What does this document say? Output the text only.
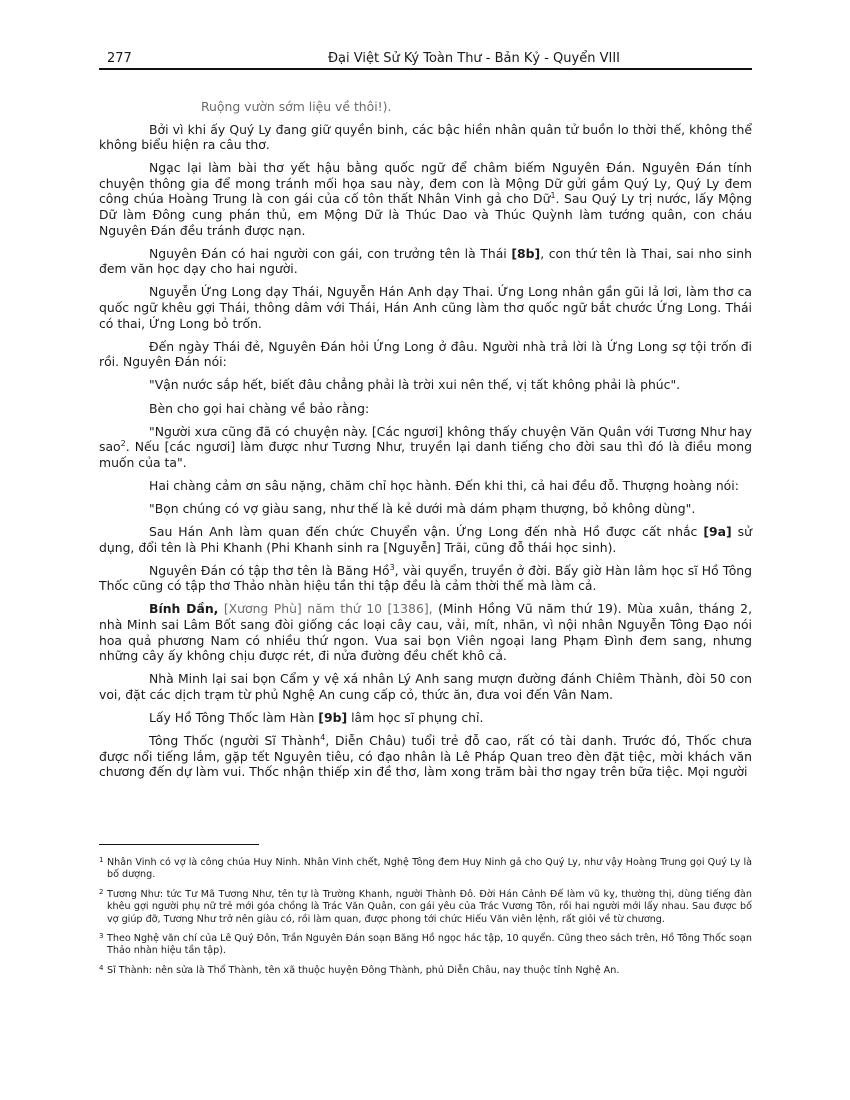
277	Đại Việt Sử Ký Toàn Thư - Bản Kỷ - Quyển VIII

Ruộng vườn sớm liệu về thôi!).

Bởi vì khi ấy Quý Ly đang giữ quyền binh, các bậc hiền nhân quân tử buồn lo thời thế, không thể không biểu hiện ra câu thơ.

Ngạc lại làm bài thơ yết hậu bằng quốc ngữ để châm biếm Nguyên Đán. Nguyên Đán tính chuyện thông gia để mong tránh mối họa sau này, đem con là Mộng Dữ gửi gắm Quý Ly, Quý Ly đem công chúa Hoàng Trung là con gái của cố tôn thất Nhân Vinh gả cho Dữ$^1$. Sau Quý Ly trị nước, lấy Mộng Dữ làm Đông cung phán thủ, em Mộng Dữ là Thúc Dao và Thúc Quỳnh làm tướng quân, con cháu Nguyên Đán đều tránh được nạn.

Nguyên Đán có hai người con gái, con trưởng tên là Thái [8b], con thứ tên là Thai, sai nho sinh đem văn học dạy cho hai người.

Nguyễn Ứng Long dạy Thái, Nguyễn Hán Anh dạy Thai. Ứng Long nhân gần gũi lả lơi, làm thơ ca quốc ngữ khêu gợi Thái, thông dâm với Thái, Hán Anh cũng làm thơ quốc ngữ bắt chước Ứng Long. Thái có thai, Ứng Long bỏ trốn.

Đến ngày Thái đẻ, Nguyên Đán hỏi Ứng Long ở đâu. Người nhà trả lời là Ứng Long sợ tội trốn đi rồi. Nguyên Đán nói:

"Vận nước sắp hết, biết đâu chẳng phải là trời xui nên thế, vị tất không phải là phúc".

Bèn cho gọi hai chàng về bảo rằng:

"Người xưa cũng đã có chuyện này. [Các ngươi] không thấy chuyện Văn Quân với Tương Như hay sao$^2$. Nếu [các ngươi] làm được như Tương Như, truyền lại danh tiếng cho đời sau thì đó là điều mong muốn của ta".

Hai chàng cảm ơn sâu nặng, chăm chỉ học hành. Đến khi thi, cả hai đều đỗ. Thượng hoàng nói:

"Bọn chúng có vợ giàu sang, như thế là kẻ dưới mà dám phạm thượng, bỏ không dùng".

Sau Hán Anh làm quan đến chức Chuyển vận. Ứng Long đến nhà Hồ được cất nhắc [9a] sử dụng, đổi tên là Phi Khanh (Phi Khanh sinh ra [Nguyễn] Trãi, cũng đỗ thái học sinh).

Nguyên Đán có tập thơ tên là Băng Hồ$^3$, vài quyển, truyền ở đời. Bấy giờ Hàn lâm học sĩ Hồ Tông Thốc cũng có tập thơ Thảo nhàn hiệu tần thi tập đều là cảm thời thế mà làm cả.

Bính Dần, [Xương Phù] năm thứ 10 [1386], (Minh Hồng Vũ năm thứ 19). Mùa xuân, tháng 2, nhà Minh sai Lâm Bốt sang đòi giống các loại cây cau, vải, mít, nhãn, vì nội nhân Nguyễn Tông Đạo nói hoa quả phương Nam có nhiều thứ ngon. Vua sai bọn Viên ngoại lang Phạm Đình đem sang, nhưng những cây ấy không chịu được rét, đi nửa đường đều chết khô cả.

Nhà Minh lại sai bọn Cẩm y vệ xá nhân Lý Anh sang mượn đường đánh Chiêm Thành, đòi 50 con voi, đặt các dịch trạm từ phủ Nghệ An cung cấp cỏ, thức ăn, đưa voi đến Vân Nam.

Lấy Hồ Tông Thốc làm Hàn [9b] lâm học sĩ phụng chỉ.

Tông Thốc (người Sĩ Thành$^4$, Diễn Châu) tuổi trẻ đỗ cao, rất có tài danh. Trước đó, Thốc chưa được nổi tiếng lắm, gặp tết Nguyên tiêu, có đạo nhân là Lê Pháp Quan treo đèn đặt tiệc, mời khách văn chương đến dự làm vui. Thốc nhận thiếp xin đề thơ, làm xong trăm bài thơ ngay trên bữa tiệc. Mọi người

1 Nhân Vinh có vợ là công chúa Huy Ninh. Nhân Vinh chết, Nghệ Tông đem Huy Ninh gả cho Quý Ly, như vậy Hoàng Trung gọi Quý Ly là bố dượng.
2 Tương Như: tức Tư Mã Tương Như, tên tự là Trường Khanh, người Thành Đô. Đời Hán Cảnh Đế làm vũ kỵ, thường thị, dùng tiếng đàn khêu gợi người phụ nữ trẻ mới góa chồng là Trác Văn Quân, con gái yêu của Trác Vương Tôn, rồi hai người mới lấy nhau. Sau được bố vợ giúp đỡ, Tương Như trở nên giàu có, rồi làm quan, được phong tới chức Hiếu Văn viên lệnh, rất giỏi về từ chương.
3 Theo Nghệ văn chí của Lê Quý Đôn, Trần Nguyên Đán soạn Băng Hồ ngọc hác tập, 10 quyển. Cũng theo sách trên, Hồ Tông Thốc soạn Thảo nhàn hiệu tần tập).
4 Sĩ Thành: nên sửa là Thổ Thành, tên xã thuộc huyện Đông Thành, phủ Diễn Châu, nay thuộc tỉnh Nghệ An.
